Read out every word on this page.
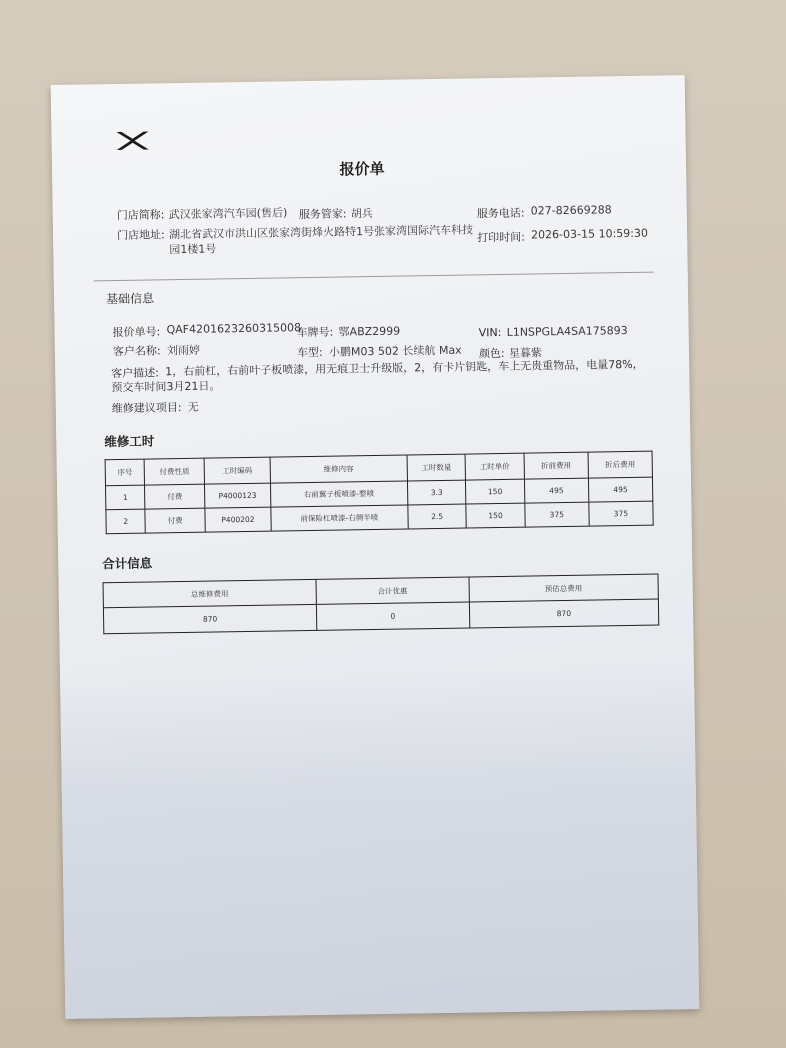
报价单
门店简称: 武汉张家湾汽车园(售后) 服务管家: 胡兵	服务电话: 027-82669288
门店地址: 湖北省武汉市洪山区张家湾街烽火路特1号张家湾国际汽车科技
园1楼1号
打印时间: 2026-03-15 10:59:30
基础信息
报价单号: QAF4201623260315008
车牌号: 鄂ABZ2999	VIN: L1NSPGLA4SA175893
客户名称: 刘雨婷	车型: 小鹏M03 502 长续航 Max 颜色: 星暮紫
客户描述: 1，右前杠，右前叶子板喷漆，用无痕卫士升级版，2，有卡片钥匙，车上无贵重物品，电量78%，预交车时间3月21日。
维修建议项目: 无
维修工时
序号	付费性质	工时编码	维修内容	工时数量	工时单价	折前费用	折后费用
1	付费	P4000123	右前翼子板喷漆-整喷	3.3	150	495	495
2	付费	P400202	前保险杠喷漆-右侧半喷	2.5	150	375	375
合计信息
总维修费用	合计优惠	预估总费用
870	0	870
